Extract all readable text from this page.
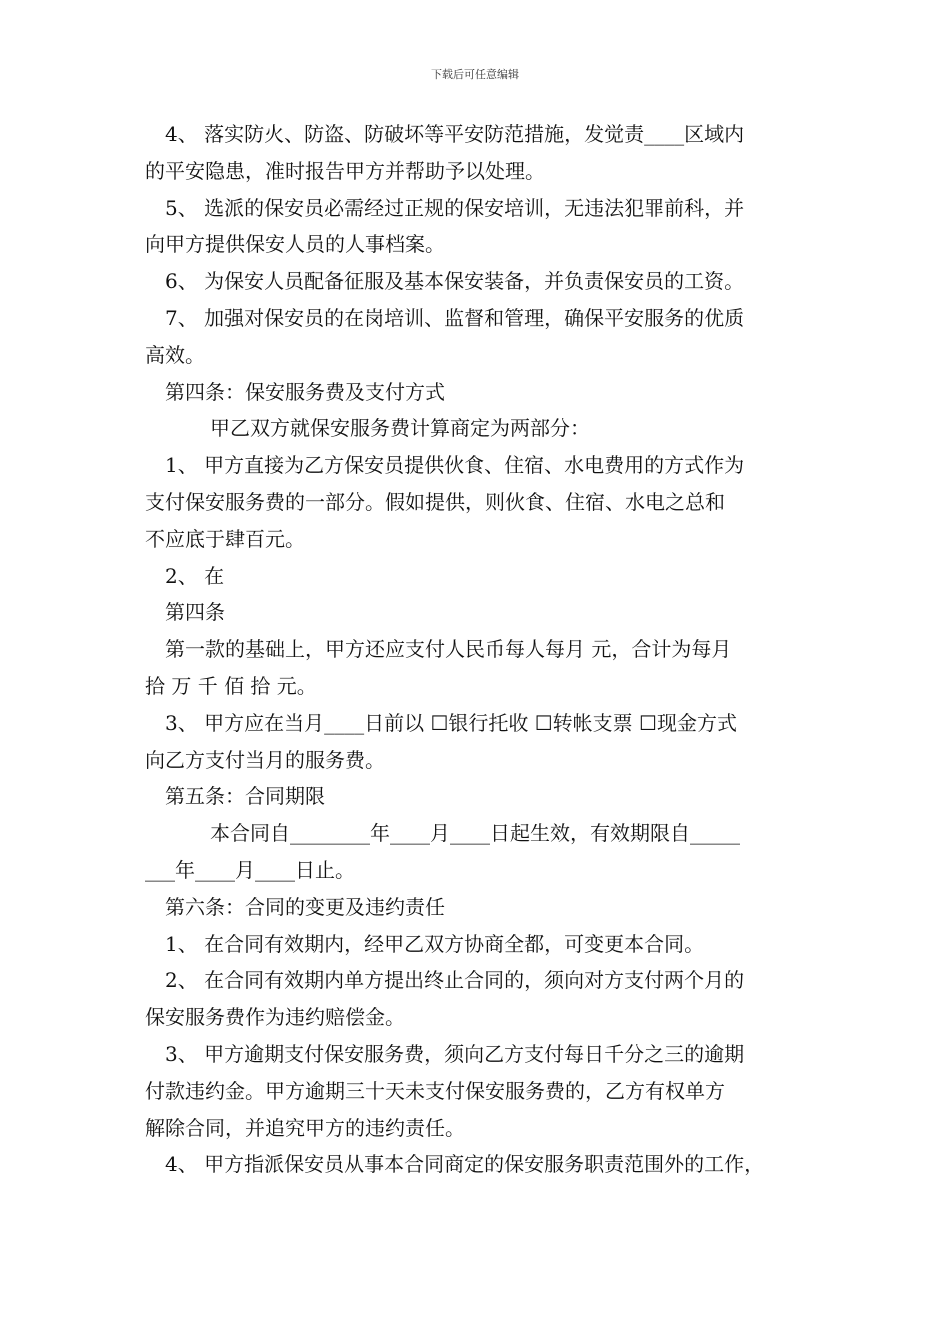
下载后可任意编辑
4、 落实防火、防盗、防破坏等平安防范措施，发觉责____区域内
的平安隐患，准时报告甲方并帮助予以处理。
5、 选派的保安员必需经过正规的保安培训，无违法犯罪前科，并
向甲方提供保安人员的人事档案。
6、 为保安人员配备征服及基本保安装备，并负责保安员的工资。
7、 加强对保安员的在岗培训、监督和管理，确保平安服务的优质
高效。
第四条：保安服务费及支付方式
甲乙双方就保安服务费计算商定为两部分：
1、 甲方直接为乙方保安员提供伙食、住宿、水电费用的方式作为
支付保安服务费的一部分。假如提供，则伙食、住宿、水电之总和
不应底于肆百元。
2、 在
第四条
第一款的基础上，甲方还应支付人民币每人每月 元，合计为每月
拾 万 千 佰 拾 元。
3、 甲方应在当月____日前以 ☐银行托收 ☐转帐支票 ☐现金方式
向乙方支付当月的服务费。
第五条：合同期限
本合同自________年____月____日起生效，有效期限自_____
___年____月____日止。
第六条：合同的变更及违约责任
1、 在合同有效期内，经甲乙双方协商全都，可变更本合同。
2、 在合同有效期内单方提出终止合同的，须向对方支付两个月的
保安服务费作为违约赔偿金。
3、 甲方逾期支付保安服务费，须向乙方支付每日千分之三的逾期
付款违约金。甲方逾期三十天未支付保安服务费的，乙方有权单方
解除合同，并追究甲方的违约责任。
4、 甲方指派保安员从事本合同商定的保安服务职责范围外的工作，
